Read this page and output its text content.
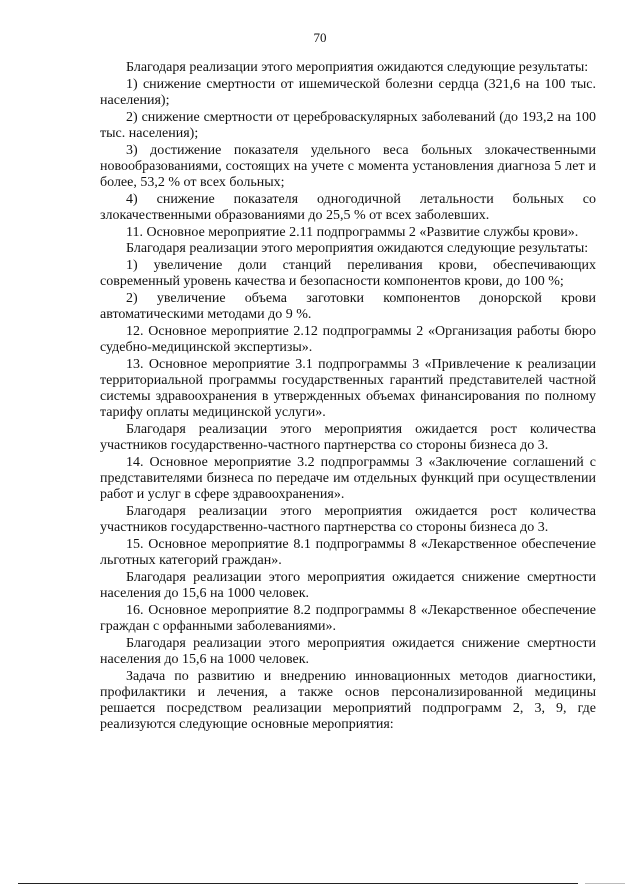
70

Благодаря реализации этого мероприятия ожидаются следующие результаты:

1) снижение смертности от ишемической болезни сердца (321,6 на 100 тыс. населения);

2) снижение смертности от цереброваскулярных заболеваний (до 193,2 на 100 тыс. населения);

3) достижение показателя удельного веса больных злокачественными новообразованиями, состоящих на учете с момента установления диагноза 5 лет и более, 53,2 % от всех больных;

4) снижение показателя одногодичной летальности больных со злокачественными образованиями до 25,5 % от всех заболевших.

11. Основное мероприятие 2.11 подпрограммы 2 «Развитие службы крови».

Благодаря реализации этого мероприятия ожидаются следующие результаты:

1) увеличение доли станций переливания крови, обеспечивающих современный уровень качества и безопасности компонентов крови, до 100 %;

2) увеличение объема заготовки компонентов донорской крови автоматическими методами до 9 %.

12. Основное мероприятие 2.12 подпрограммы 2 «Организация работы бюро судебно-медицинской экспертизы».

13. Основное мероприятие 3.1 подпрограммы 3 «Привлечение к реализации территориальной программы государственных гарантий представителей частной системы здравоохранения в утвержденных объемах финансирования по полному тарифу оплаты медицинской услуги».

Благодаря реализации этого мероприятия ожидается рост количества участников государственно-частного партнерства со стороны бизнеса до 3.

14. Основное мероприятие 3.2 подпрограммы 3 «Заключение соглашений с представителями бизнеса по передаче им отдельных функций при осуществлении работ и услуг в сфере здравоохранения».

Благодаря реализации этого мероприятия ожидается рост количества участников государственно-частного партнерства со стороны бизнеса до 3.

15. Основное мероприятие 8.1 подпрограммы 8 «Лекарственное обеспечение льготных категорий граждан».

Благодаря реализации этого мероприятия ожидается снижение смертности населения до 15,6 на 1000 человек.

16. Основное мероприятие 8.2 подпрограммы 8 «Лекарственное обеспечение граждан с орфанными заболеваниями».

Благодаря реализации этого мероприятия ожидается снижение смертности населения до 15,6 на 1000 человек.

Задача по развитию и внедрению инновационных методов диагностики, профилактики и лечения, а также основ персонализированной медицины решается посредством реализации мероприятий подпрограмм 2, 3, 9, где реализуются следующие основные мероприятия:
